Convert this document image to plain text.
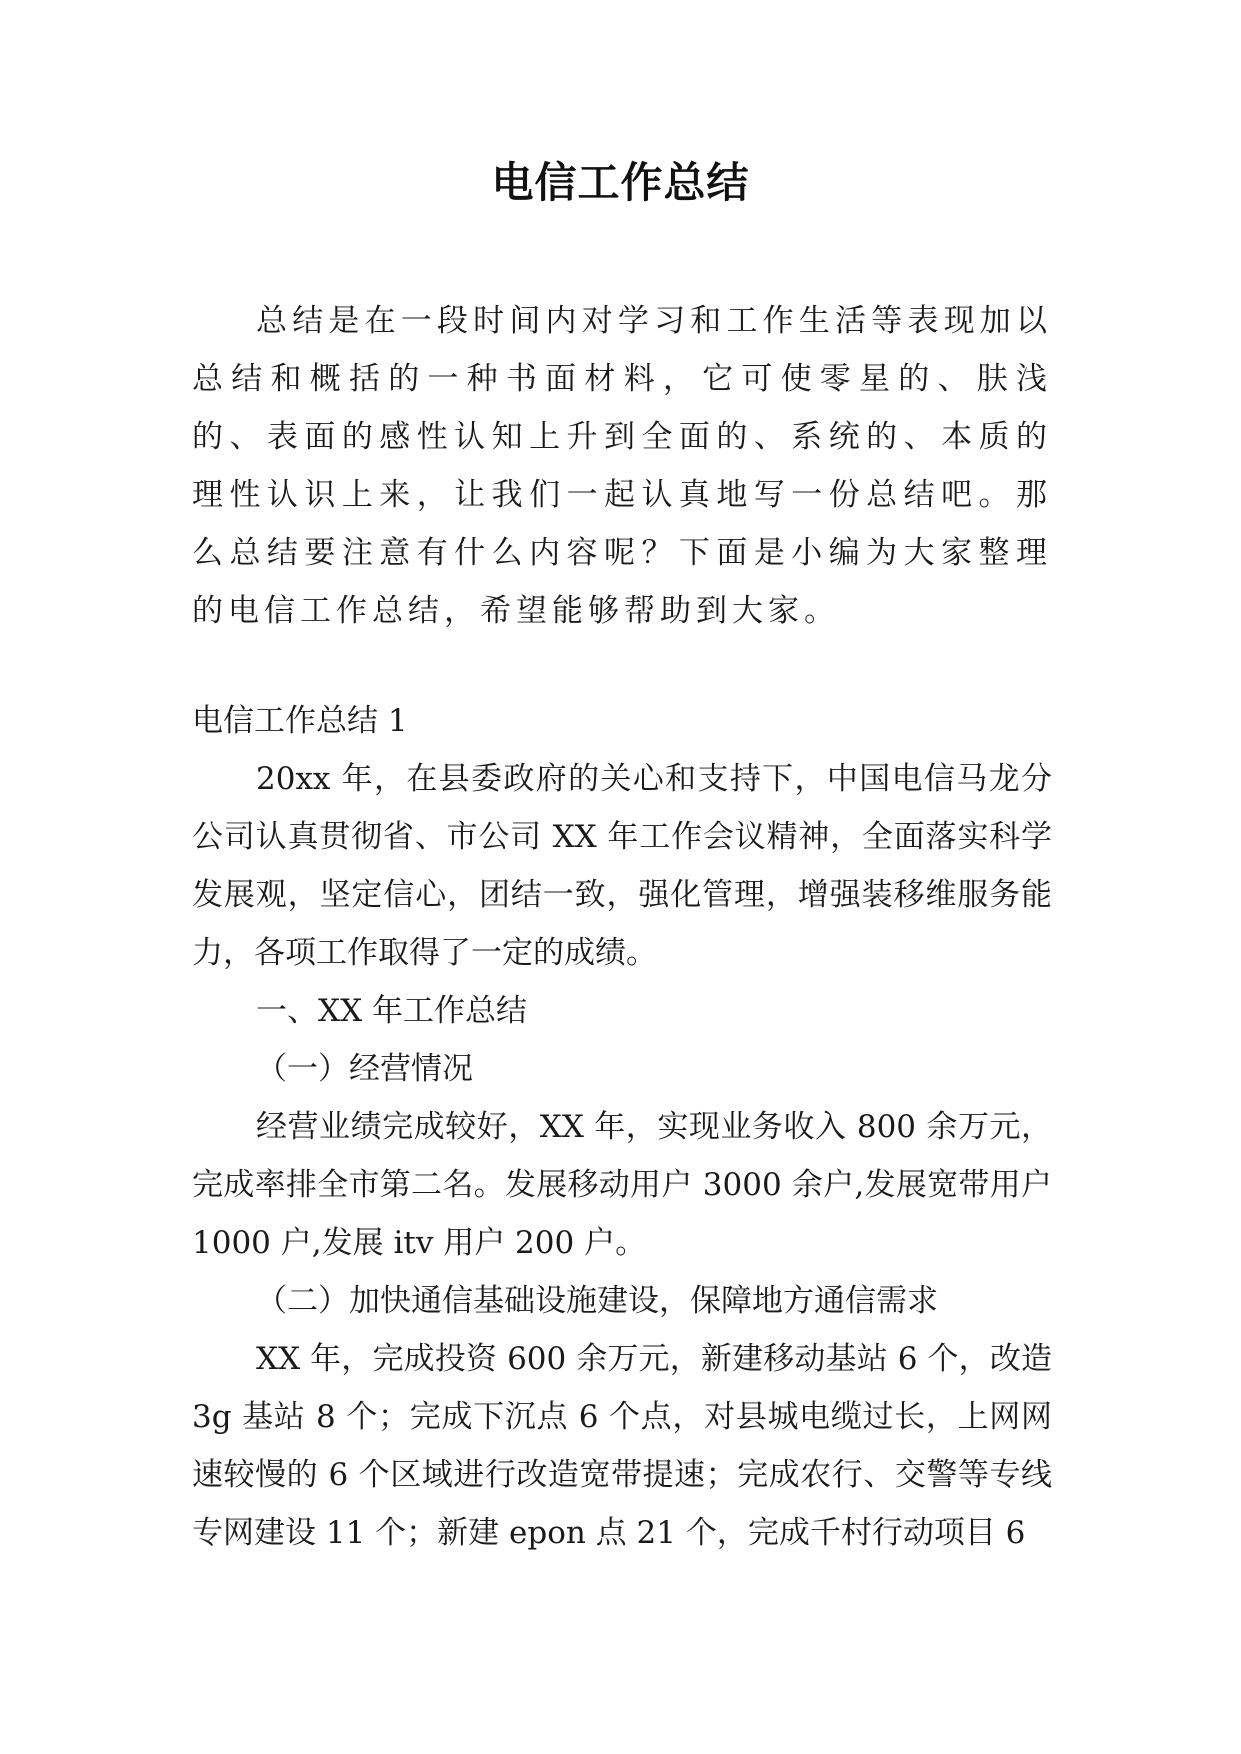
电信工作总结

总结是在一段时间内对学习和工作生活等表现加以总结和概括的一种书面材料，它可使零星的、肤浅的、表面的感性认知上升到全面的、系统的、本质的理性认识上来，让我们一起认真地写一份总结吧。那么总结要注意有什么内容呢？下面是小编为大家整理的电信工作总结，希望能够帮助到大家。

电信工作总结 1

20xx 年，在县委政府的关心和支持下，中国电信马龙分公司认真贯彻省、市公司 XX 年工作会议精神，全面落实科学发展观，坚定信心，团结一致，强化管理，增强装移维服务能力，各项工作取得了一定的成绩。

一、XX 年工作总结

（一）经营情况

经营业绩完成较好，XX 年，实现业务收入 800 余万元，完成率排全市第二名。发展移动用户 3000 余户,发展宽带用户 1000 户,发展 itv 用户 200 户。

（二）加快通信基础设施建设，保障地方通信需求

XX 年，完成投资 600 余万元，新建移动基站 6 个，改造 3g 基站 8 个；完成下沉点 6 个点，对县城电缆过长，上网网速较慢的 6 个区域进行改造宽带提速；完成农行、交警等专线专网建设 11 个；新建 epon 点 21 个，完成千村行动项目 6
